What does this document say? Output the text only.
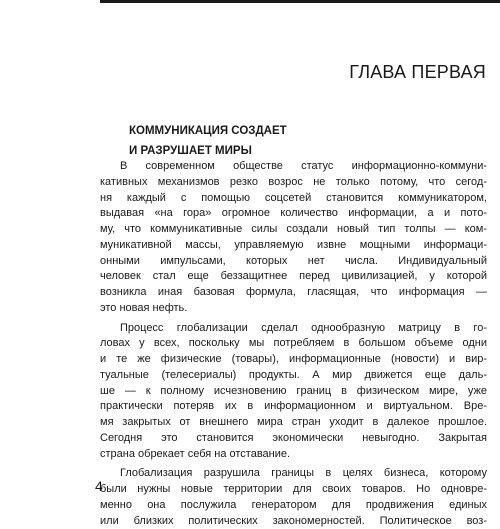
ГЛАВА ПЕРВАЯ
КОММУНИКАЦИЯ СОЗДАЕТ
И РАЗРУШАЕТ МИРЫ
В современном обществе статус информационно-коммуни-
кативных механизмов резко возрос не только потому, что сегод-
ня каждый с помощью соцсетей становится коммуникатором,
выдавая «на гора» огромное количество информации, а и пото-
му, что коммуникативные силы создали новый тип толпы — ком-
муникативной массы, управляемую извне мощными информаци-
онными импульсами, которых нет числа. Индивидуальный
человек стал еще беззащитнее перед цивилизацией, у которой
возникла иная базовая формула, гласящая, что информация —
это новая нефть.
Процесс глобализации сделал однообразную матрицу в го-
ловах у всех, поскольку мы потребляем в большом объеме одни
и те же физические (товары), информационные (новости) и вир-
туальные (телесериалы) продукты. А мир движется еще даль-
ше — к полному исчезновению границ в физическом мире, уже
практически потеряв их в информационном и виртуальном. Вре-
мя закрытых от внешнего мира стран уходит в далекое прошлое.
Сегодня это становится экономически невыгодно. Закрытая
страна обрекает себя на отставание.
Глобализация разрушила границы в целях бизнеса, которому
были нужны новые территории для своих товаров. Но одновре-
менно она послужила генератором для продвижения единых
или близких политических закономерностей. Политическое воз-
4
